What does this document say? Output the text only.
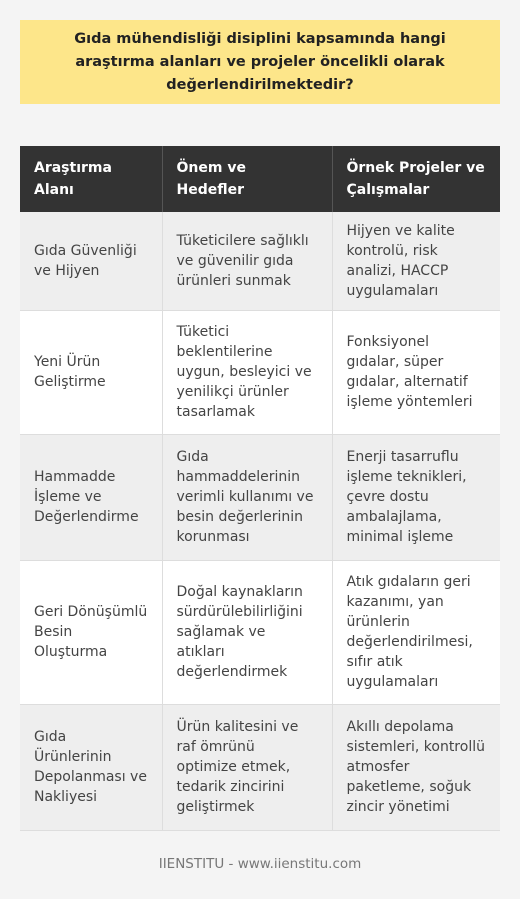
Gıda mühendisliği disiplini kapsamında hangi araştırma alanları ve projeler öncelikli olarak değerlendirilmektedir?
Araştırma Alanı	Önem ve Hedefler	Örnek Projeler ve Çalışmalar
Gıda Güvenliği ve Hijyen	Tüketicilere sağlıklı ve güvenilir gıda ürünleri sunmak	Hijyen ve kalite kontrolü, risk analizi, HACCP uygulamaları
Yeni Ürün Geliştirme	Tüketici beklentilerine uygun, besleyici ve yenilikçi ürünler tasarlamak	Fonksiyonel gıdalar, süper gıdalar, alternatif işleme yöntemleri
Hammadde İşleme ve Değerlendirme	Gıda hammaddelerinin verimli kullanımı ve besin değerlerinin korunması	Enerji tasarruflu işleme teknikleri, çevre dostu ambalajlama, minimal işleme
Geri Dönüşümlü Besin Oluşturma	Doğal kaynakların sürdürülebilirliğini sağlamak ve atıkları değerlendirmek	Atık gıdaların geri kazanımı, yan ürünlerin değerlendirilmesi, sıfır atık uygulamaları
Gıda Ürünlerinin Depolanması ve Nakliyesi	Ürün kalitesini ve raf ömrünü optimize etmek, tedarik zincirini geliştirmek	Akıllı depolama sistemleri, kontrollü atmosfer paketleme, soğuk zincir yönetimi
IIENSTITU - www.iienstitu.com
